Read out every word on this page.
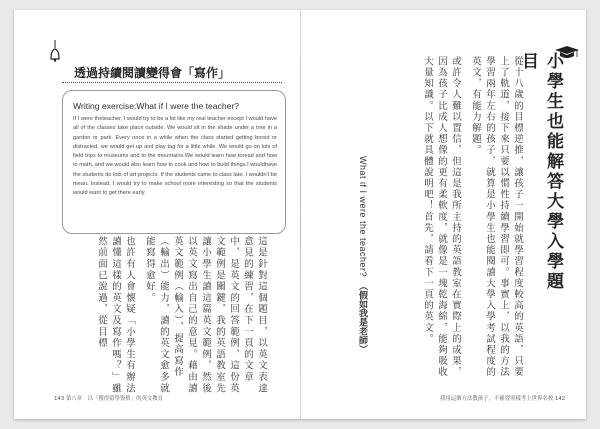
透過持續閱讀變得會「寫作」
Writing exercise:What if I were the teacher?
If I were theteacher, I would try to be a lot like my real teacher except I would have all of the classes take place outside. We would sit in the shade under a tree in a garden or park. Every once in a while when the class started getting bored or distracted, we would get up and play tag for a little while. We would go on lots of field trips to museums and to the mountains.We would learn how toread and how to math, and we would also learn how to cook and how to build things.I wouldhave the students do lots of art projects. If the students came to class late. I wouldn't be mean. Instead, I would try to make school more interesting so that the students would want to get there early.

這是針對這個題目，以英文表達意見的練習，在下一頁的文章中，是英文的回答範例，這份英文範例是關鍵，我的英語教室先讓小學生讀這篇英文範例，然後以英文寫出自己的意見。藉由讀英文範例（輸入），提高寫作（輸出）能力，讀的英文愈多就能寫得愈好。

也許有人會懷疑「小學生有辦法讀懂這樣的英文及寫作嗎？」雖然前面已說過，從目標

143 第八章　以「獲得留學資格」的英文教育
小學生也能解答大學入學題目

從十八歲的目標逆推，讓孩子一開始就學習程度較高的英語，只要上了軌道，接下來只要以慣性持續學習即可。事實上，以我的方法學習兩年左右的孩子，就算是小學生也能閱讀大學入學考試程度的英文，有能力解題。

或許令人難以置信，但這是我所主持的英語教室在實際上的成果，因為孩子比成人想像的更有柔軟度，就像是一塊乾海綿，能夠吸收大量知識。以下就具體說明吧！首先，請看下一頁的英文。

What if I were the teacher? （假如我是老師）
我用這個方法教孩子，不補習照樣考上世界名校 142
